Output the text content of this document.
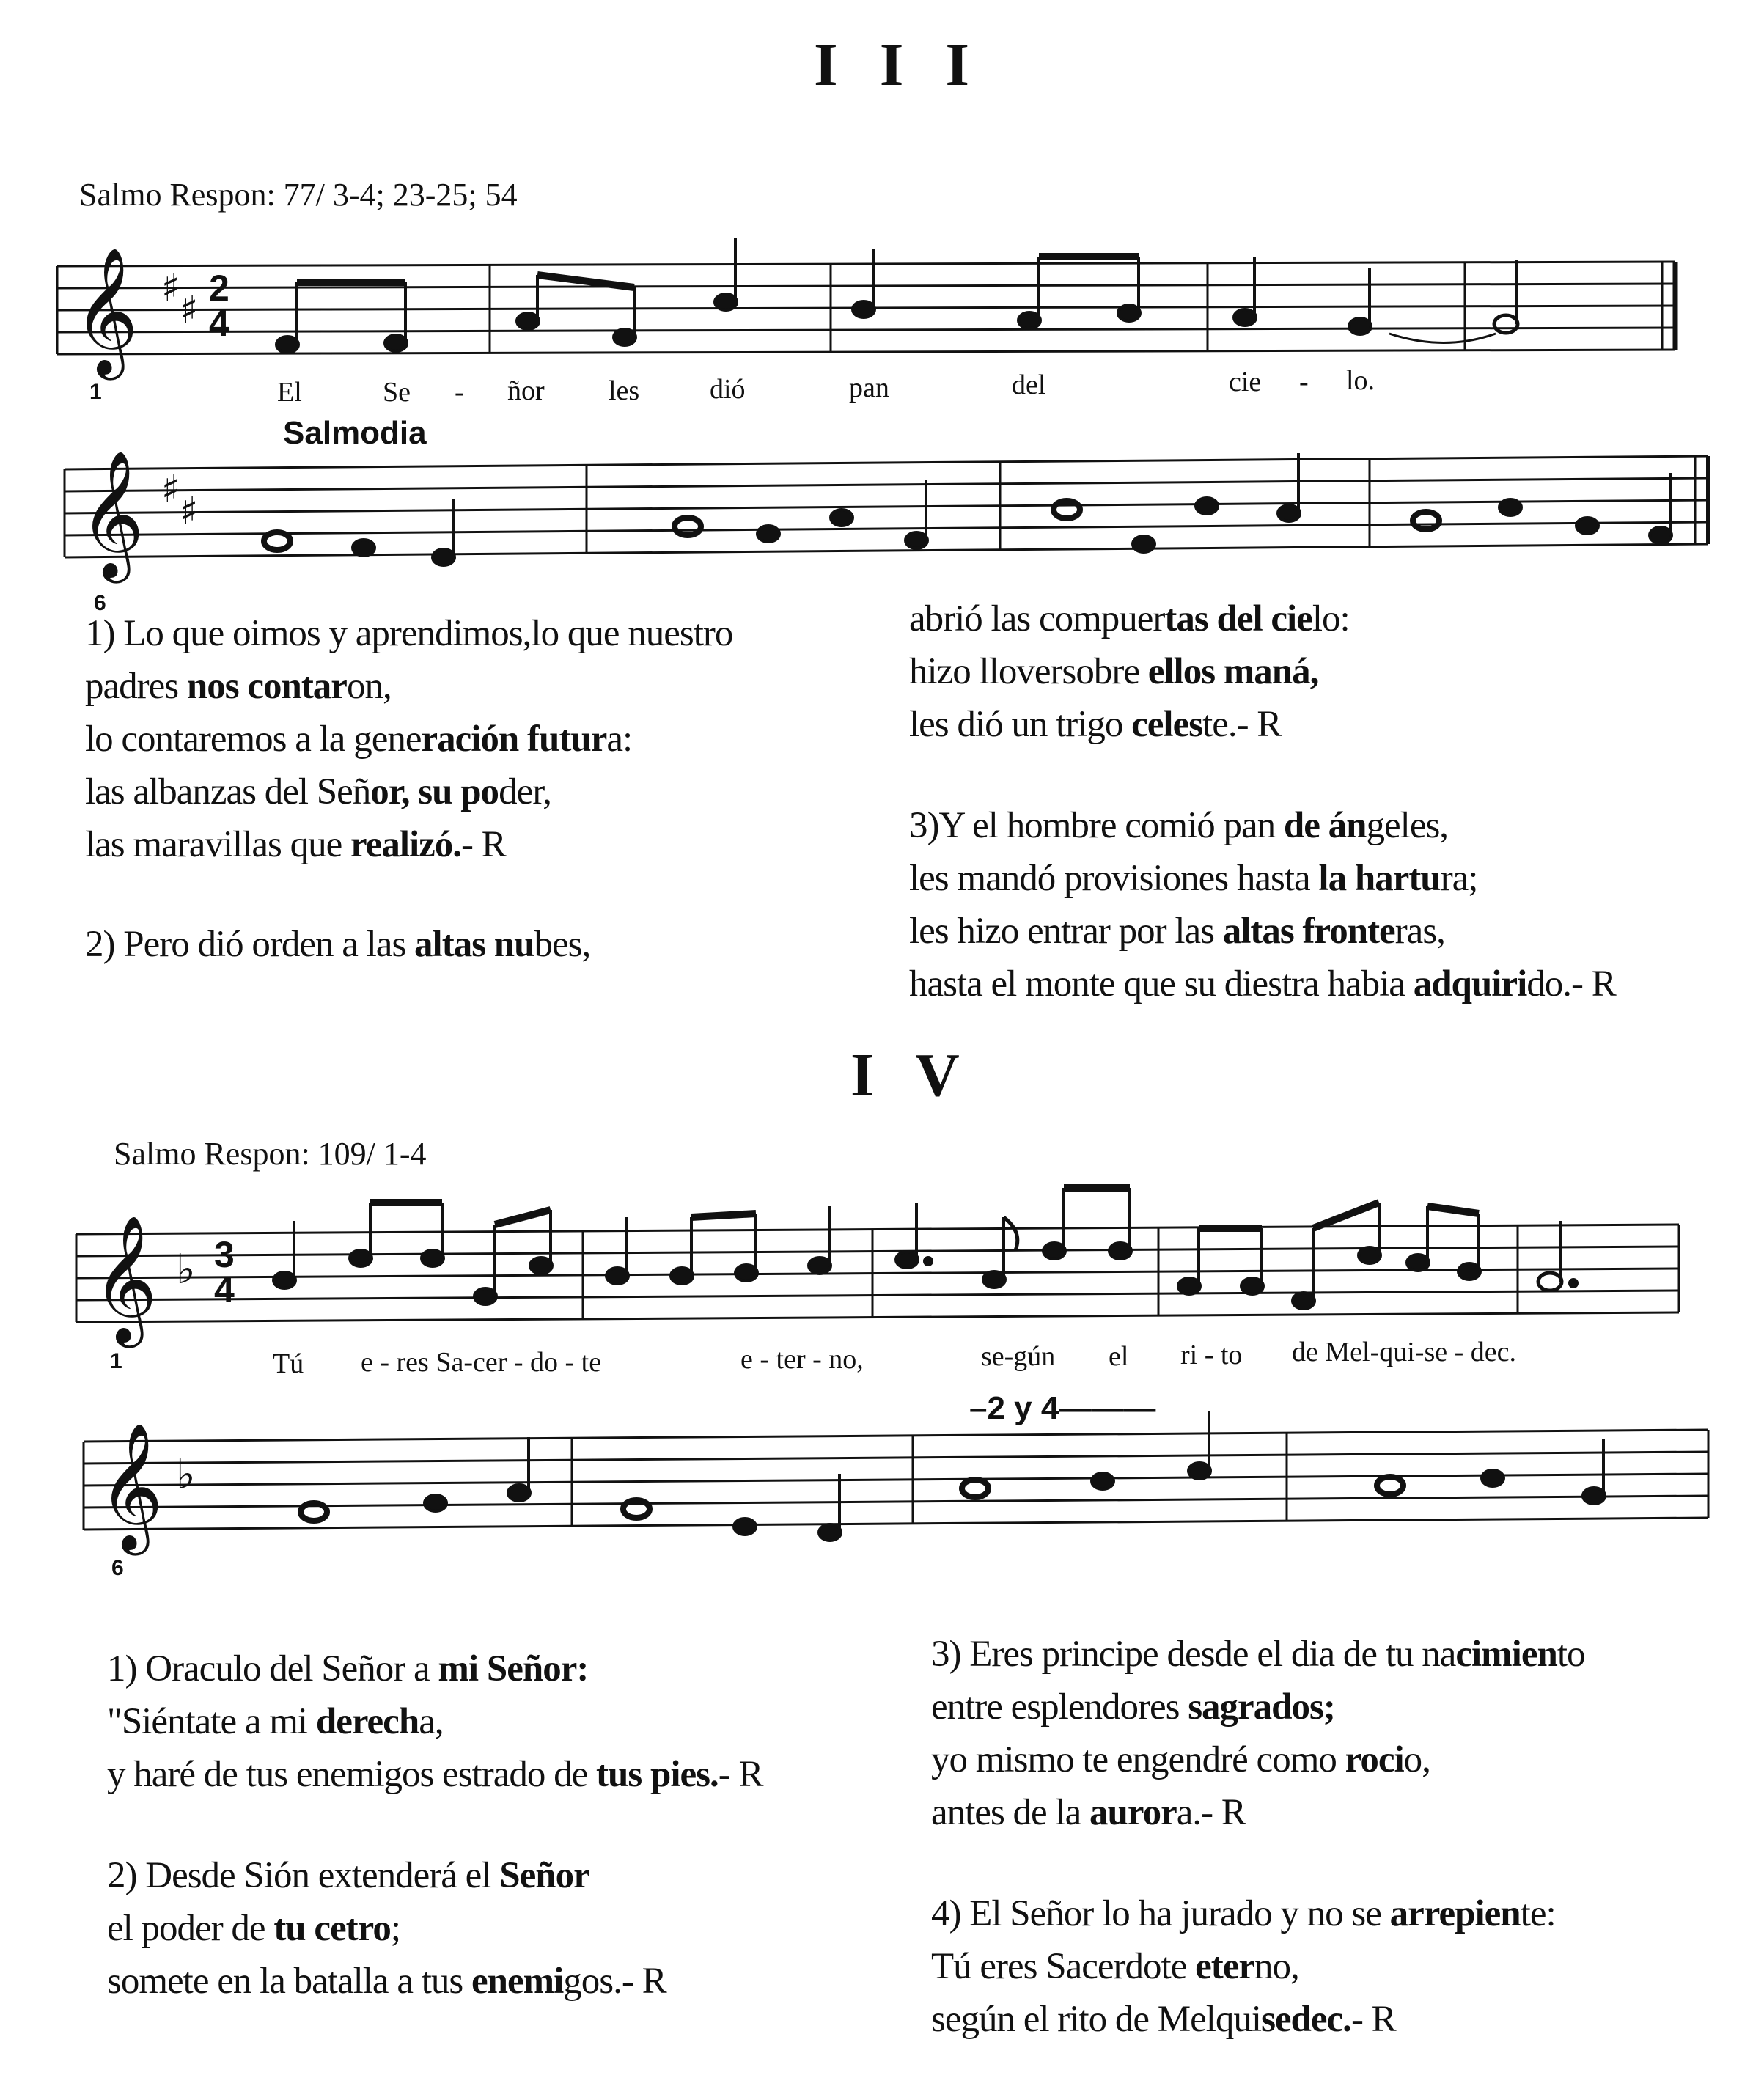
I I I
Salmo Respon: 77/ 3-4; 23-25; 54
𝄞 ♯ ♯ 2
4
1	El	Se - ñor les	dió	pan	del	cie - lo.
Salmodia
𝄞 ♯ ♯
6
1) Lo que oimos y aprendimos,lo que nuestro
padres nos contaron,
lo contaremos a la generación futura:
las albanzas del Señor, su poder,
las maravillas que realizó.- R
2) Pero dió orden a las altas nubes,
abrió las compuertas del cielo:
hizo lloversobre ellos maná,
les dió un trigo celeste.- R
3)Y el hombre comió pan de ángeles,
les mandó provisiones hasta la hartura;
les hizo entrar por las altas fronteras,
hasta el monte que su diestra habia adquirido.- R
I V
Salmo Respon: 109/ 1-4
𝄞 ♭ 3
4
1	Tú e - res Sa-cer - do - te	e - ter - no,	se-gún el ri - to de Mel-qui-se - dec.
–2 y 4———
𝄞 ♭
6
1) Oraculo del Señor a mi Señor:
"Siéntate a mi derecha,
y haré de tus enemigos estrado de tus pies.- R
2) Desde Sión extenderá el Señor
el poder de tu cetro;
somete en la batalla a tus enemigos.- R
3) Eres principe desde el dia de tu nacimiento
entre esplendores sagrados;
yo mismo te engendré como rocio,
antes de la aurora.- R
4) El Señor lo ha jurado y no se arrepiente:
Tú eres Sacerdote eterno,
según el rito de Melquisedec.- R
